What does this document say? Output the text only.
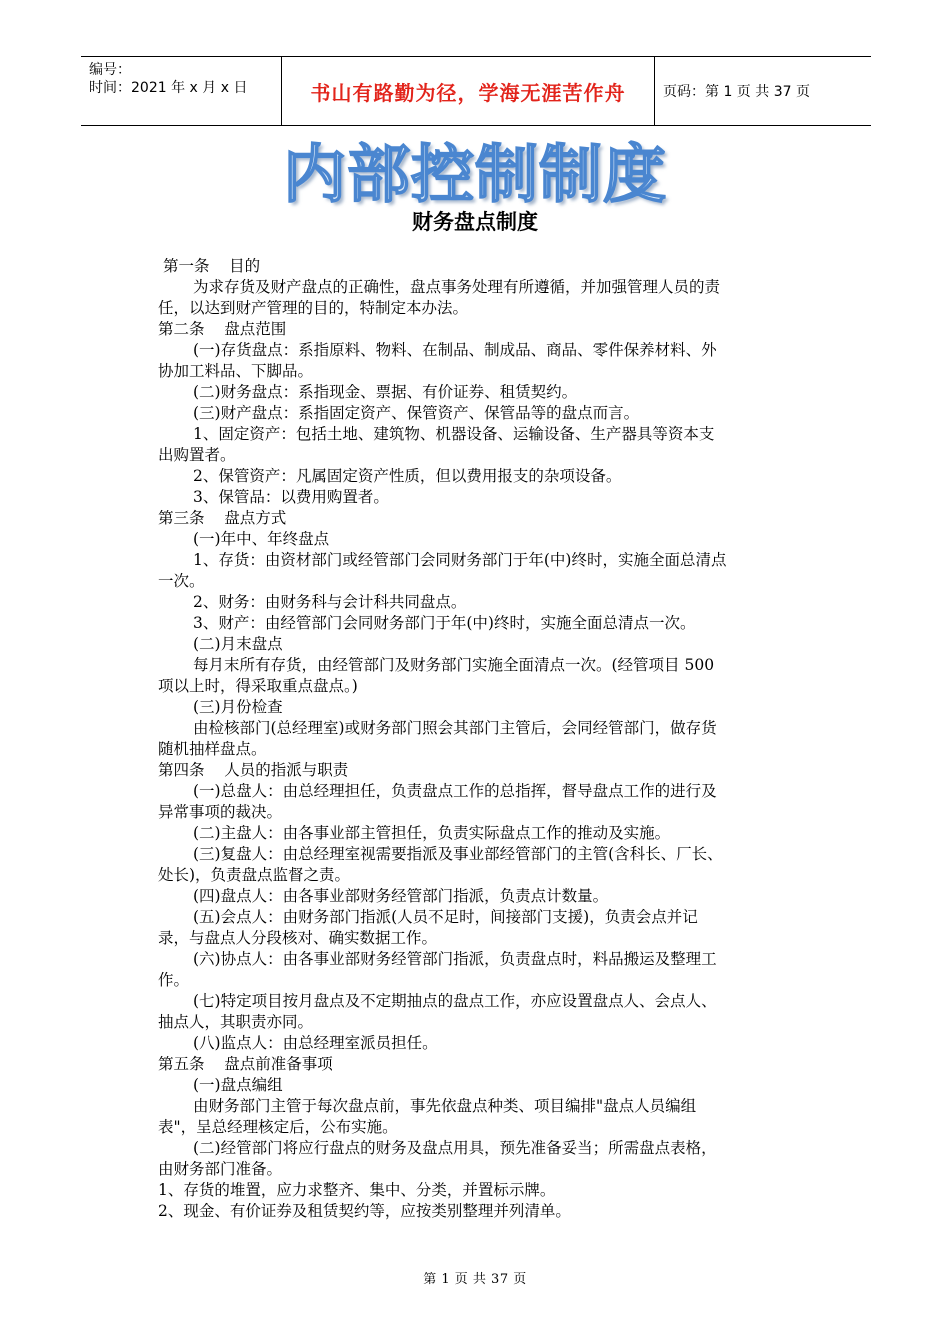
编号：
时间：2021 年 x 月 x 日	书山有路勤为径，学海无涯苦作舟	页码：第 1 页 共 37 页
内部控制制度
财务盘点制度

第一条    目的

为求存货及财产盘点的正确性，盘点事务处理有所遵循，并加强管理人员的责

任，以达到财产管理的目的，特制定本办法。

第二条    盘点范围

(一)存货盘点：系指原料、物料、在制品、制成品、商品、零件保养材料、外

协加工料品、下脚品。

(二)财务盘点：系指现金、票据、有价证券、租赁契约。

(三)财产盘点：系指固定资产、保管资产、保管品等的盘点而言。

1、固定资产：包括土地、建筑物、机器设备、运输设备、生产器具等资本支

出购置者。

2、保管资产：凡属固定资产性质，但以费用报支的杂项设备。

3、保管品：以费用购置者。

第三条    盘点方式

(一)年中、年终盘点

1、存货：由资材部门或经管部门会同财务部门于年(中)终时，实施全面总清点

一次。

2、财务：由财务科与会计科共同盘点。

3、财产：由经管部门会同财务部门于年(中)终时，实施全面总清点一次。

(二)月末盘点

每月末所有存货，由经管部门及财务部门实施全面清点一次。(经管项目 500

项以上时，得采取重点盘点。)

(三)月份检查

由检核部门(总经理室)或财务部门照会其部门主管后，会同经管部门，做存货

随机抽样盘点。

第四条    人员的指派与职责

(一)总盘人：由总经理担任，负责盘点工作的总指挥，督导盘点工作的进行及

异常事项的裁决。

(二)主盘人：由各事业部主管担任，负责实际盘点工作的推动及实施。

(三)复盘人：由总经理室视需要指派及事业部经管部门的主管(含科长、厂长、

处长)，负责盘点监督之责。

(四)盘点人：由各事业部财务经管部门指派，负责点计数量。

(五)会点人：由财务部门指派(人员不足时，间接部门支援)，负责会点并记

录，与盘点人分段核对、确实数据工作。

(六)协点人：由各事业部财务经管部门指派，负责盘点时，料品搬运及整理工

作。

(七)特定项目按月盘点及不定期抽点的盘点工作，亦应设置盘点人、会点人、

抽点人，其职责亦同。

(八)监点人：由总经理室派员担任。

第五条    盘点前准备事项

(一)盘点编组

由财务部门主管于每次盘点前，事先依盘点种类、项目编排"盘点人员编组

表"，呈总经理核定后，公布实施。

(二)经管部门将应行盘点的财务及盘点用具，预先准备妥当；所需盘点表格，

由财务部门准备。

1、存货的堆置，应力求整齐、集中、分类，并置标示牌。

2、现金、有价证券及租赁契约等，应按类别整理并列清单。

第 1 页 共 37 页
